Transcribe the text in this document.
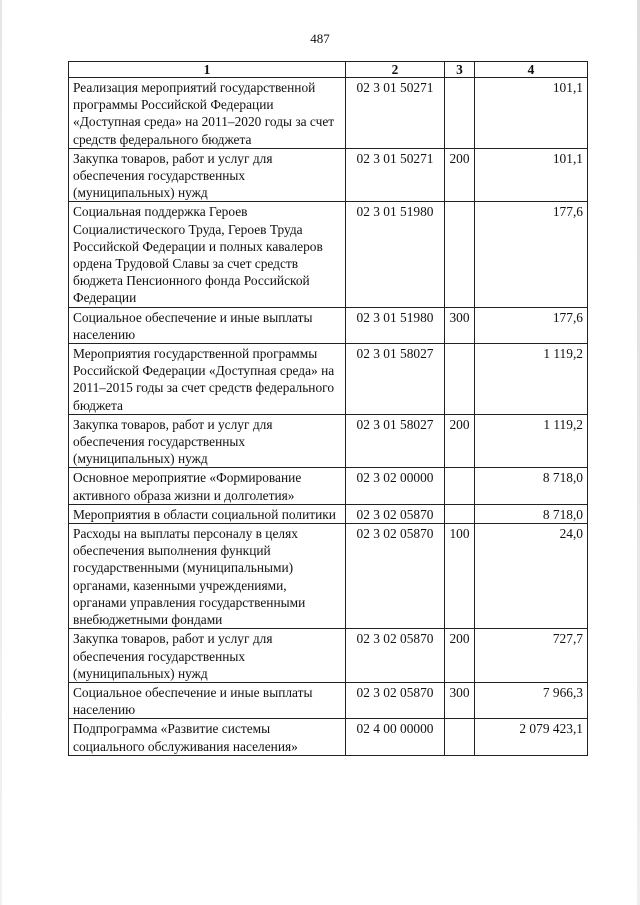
487
1	2	3	4
Реализация мероприятий государственной программы Российской Федерации «Доступная среда» на 2011–2020 годы за счет средств федерального бюджета	02 3 01 50271		101,1
Закупка товаров, работ и услуг для обеспечения государственных (муниципальных) нужд	02 3 01 50271	200	101,1
Социальная поддержка Героев Социалистического Труда, Героев Труда Российской Федерации и полных кавалеров ордена Трудовой Славы за счет средств бюджета Пенсионного фонда Российской Федерации	02 3 01 51980		177,6
Социальное обеспечение и иные выплаты населению	02 3 01 51980	300	177,6
Мероприятия государственной программы Российской Федерации «Доступная среда» на 2011–2015 годы за счет средств федерального бюджета	02 3 01 58027		1 119,2
Закупка товаров, работ и услуг для обеспечения государственных (муниципальных) нужд	02 3 01 58027	200	1 119,2
Основное мероприятие «Формирование активного образа жизни и долголетия»	02 3 02 00000		8 718,0
Мероприятия в области социальной политики	02 3 02 05870		8 718,0
Расходы на выплаты персоналу в целях обеспечения выполнения функций государственными (муниципальными) органами, казенными учреждениями, органами управления государственными внебюджетными фондами	02 3 02 05870	100	24,0
Закупка товаров, работ и услуг для обеспечения государственных (муниципальных) нужд	02 3 02 05870	200	727,7
Социальное обеспечение и иные выплаты населению	02 3 02 05870	300	7 966,3
Подпрограмма «Развитие системы социального обслуживания населения»	02 4 00 00000		2 079 423,1
